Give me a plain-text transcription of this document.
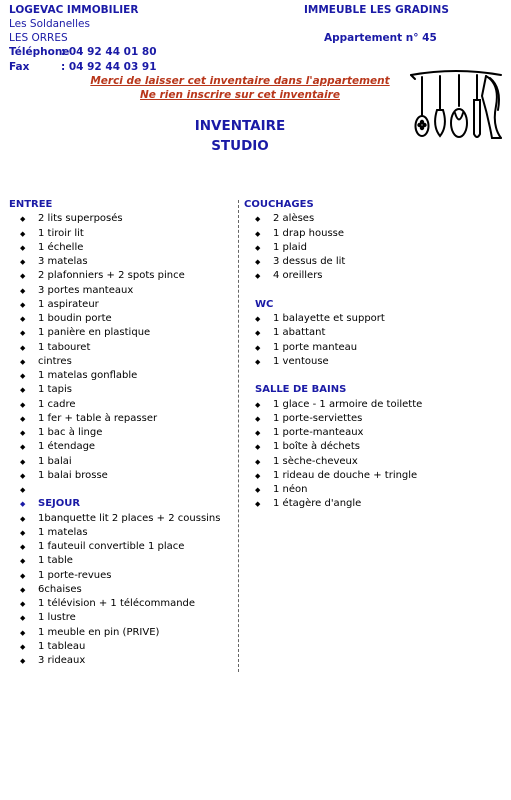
LOGEVAC IMMOBILIER
Les Soldanelles
LES ORRES
Téléphone: 04 92 44 01 80
Fax	: 04 92 44 03 91
IMMEUBLE LES GRADINS
Appartement n° 45
Merci de laisser cet inventaire dans l'appartement
Ne rien inscrire sur cet inventaire
INVENTAIRE
STUDIO
ENTREE
◆ 2 lits superposés
◆ 1 tiroir lit
◆ 1 échelle
◆ 3 matelas
◆ 2 plafonniers + 2 spots pince
◆ 3 portes manteaux
◆ 1 aspirateur
◆ 1 boudin porte
◆ 1 panière en plastique
◆ 1 tabouret
◆ cintres
◆ 1 matelas gonflable
◆ 1 tapis
◆ 1 cadre
◆ 1 fer + table à repasser
◆ 1 bac à linge
◆ 1 étendage
◆ 1 balai
◆ 1 balai brosse
◆
◆ SEJOUR
◆ 1banquette lit 2 places + 2 coussins
◆ 1 matelas
◆ 1 fauteuil convertible 1 place
◆ 1 table
◆ 1 porte-revues
◆ 6chaises
◆ 1 télévision + 1 télécommande
◆ 1 lustre
◆ 1 meuble en pin (PRIVE)
◆ 1 tableau
◆ 3 rideaux
COUCHAGES
◆ 2 alèses
◆ 1 drap housse
◆ 1 plaid
◆ 3 dessus de lit
◆ 4 oreillers
WC
◆ 1 balayette et support
◆ 1 abattant
◆ 1 porte manteau
◆ 1 ventouse
SALLE DE BAINS
◆ 1 glace - 1 armoire de toilette
◆ 1 porte-serviettes
◆ 1 porte-manteaux
◆ 1 boîte à déchets
◆ 1 sèche-cheveux
◆ 1 rideau de douche + tringle
◆ 1 néon
◆ 1 étagère d'angle
